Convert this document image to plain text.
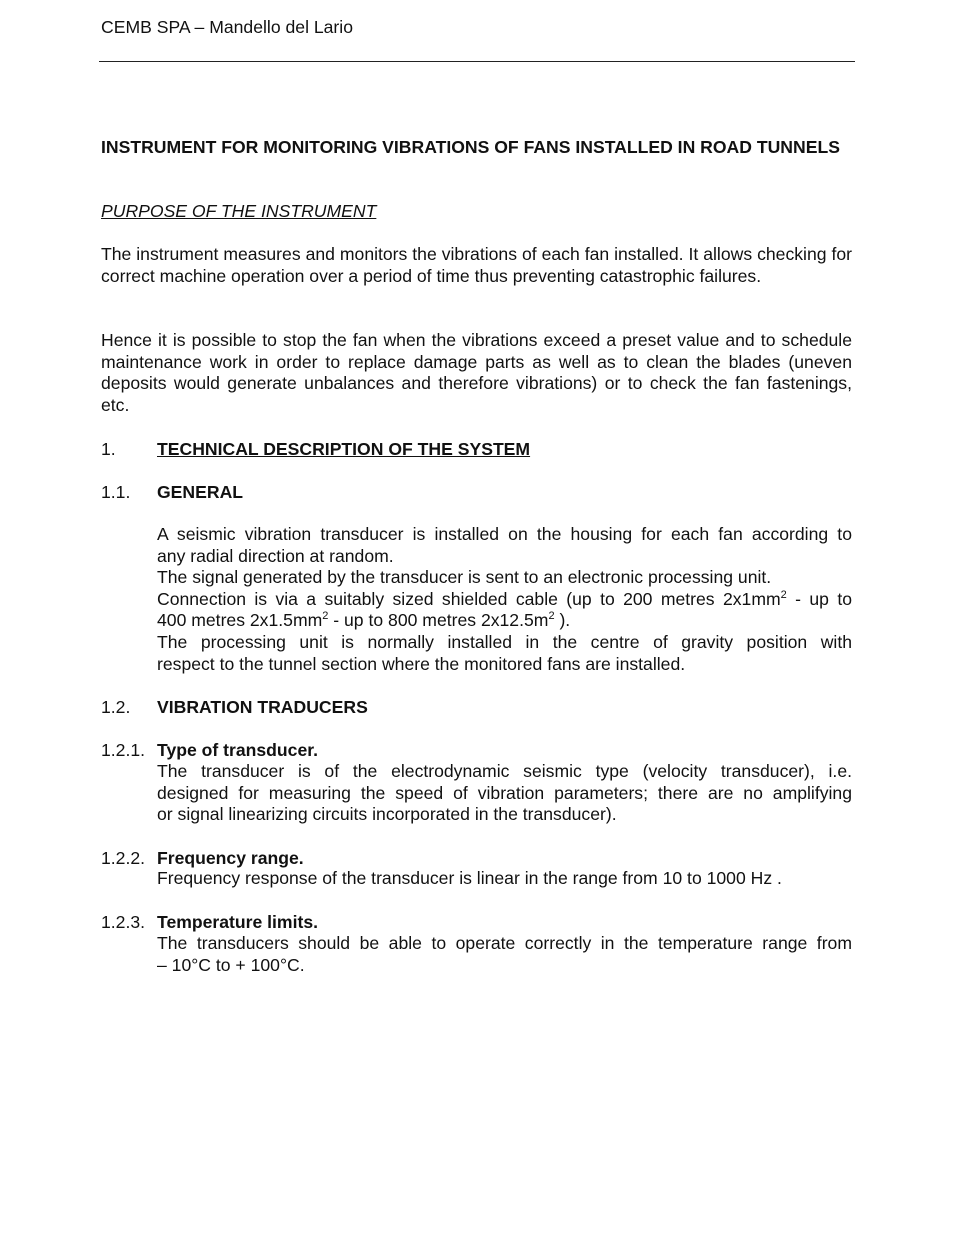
CEMB SPA – Mandello del Lario
INSTRUMENT FOR MONITORING VIBRATIONS OF FANS INSTALLED IN ROAD TUNNELS
PURPOSE OF THE INSTRUMENT
The instrument measures and monitors the vibrations of each fan installed. It allows checking for correct machine operation over a period of time thus preventing catastrophic failures.
Hence it is possible to stop the fan when the vibrations exceed a preset value and to schedule maintenance work in order to replace damage parts as well as to clean the blades (uneven deposits would generate unbalances and therefore vibrations) or to check the fan fastenings, etc.
1. TECHNICAL DESCRIPTION OF THE SYSTEM
1.1. GENERAL
A seismic vibration transducer is installed on the housing for each fan according to
any radial direction at random.
The signal generated by the transducer is sent to an electronic processing unit.
Connection is via a suitably sized shielded cable (up to 200 metres $2x1mm^2$ - up to
400 metres $2x1.5mm^2$ - up to 800 metres $2x12.5m^2$ ).
The processing unit is normally installed in the centre of gravity position with
respect to the tunnel section where the monitored fans are installed.
1.2. VIBRATION TRADUCERS
1.2.1. Type of transducer.
The transducer is of the electrodynamic seismic type (velocity transducer), i.e.
designed for measuring the speed of vibration parameters; there are no amplifying
or signal linearizing circuits incorporated in the transducer).
1.2.2. Frequency range.
Frequency response of the transducer is linear in the range from 10 to 1000 Hz .
1.2.3. Temperature limits.
The transducers should be able to operate correctly in the temperature range from
– 10°C to + 100°C.
